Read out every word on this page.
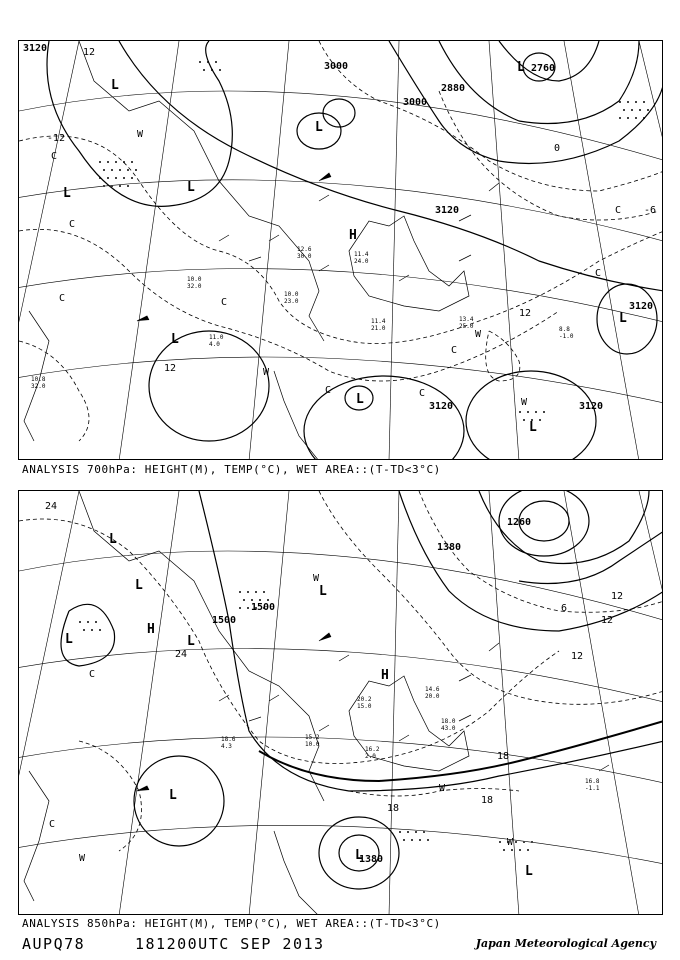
3120
3000
3000
2880
3120
3120	3120
3120
2760
L
L
L	L
L
L
L
H
L
L
12
-12
0
12
12
-6
W
W
W
W
C
C
C	C
C	C
C
C
C
10.0 32.0
11.0 4.0
13.4 25.0	8.8 -1.0
11.4 21.0
11.4 24.0
10.8 32.0
10.0 23.0
12.6 30.0
ANALYSIS 700hPa: HEIGHT(M), TEMP(°C), WET AREA::(T-TD<3°C)
1500
1500
1380
1380
1260
L
L
L	L
H
H
L
L
L
L
24
18
18
12
12
12
6
24
18
W
W
W
W
C
C
18.0 43.0
16.2 2.0
14.6 20.0
20.2 15.0
18.6 4.3
16.8 -1.1
15.2 10.0
ANALYSIS 850hPa: HEIGHT(M), TEMP(°C), WET AREA::(T-TD<3°C)
AUPQ78	181200UTC SEP 2013	Japan Meteorological Agency
